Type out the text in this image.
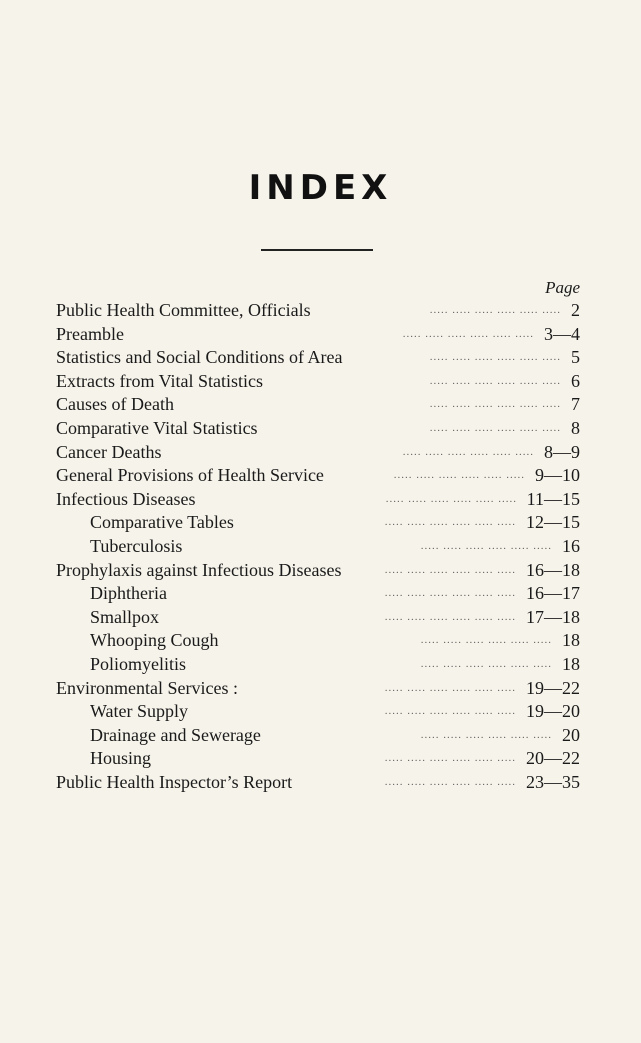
INDEX
Page
Public Health Committee, Officials	..... ..... ..... ..... ..... ..... 2
Preamble	..... ..... ..... ..... ..... ..... 3—4
Statistics and Social Conditions of Area	..... ..... ..... ..... ..... ..... 5
Extracts from Vital Statistics	..... ..... ..... ..... ..... ..... 6
Causes of Death	..... ..... ..... ..... ..... ..... 7
Comparative Vital Statistics	..... ..... ..... ..... ..... ..... 8
Cancer Deaths	..... ..... ..... ..... ..... ..... 8—9
General Provisions of Health Service	..... ..... ..... ..... ..... ..... 9—10
Infectious Diseases	..... ..... ..... ..... ..... ..... 11—15
Comparative Tables	..... ..... ..... ..... ..... ..... 12—15
Tuberculosis	..... ..... ..... ..... ..... ..... 16
Prophylaxis against Infectious Diseases	..... ..... ..... ..... ..... ..... 16—18
Diphtheria	..... ..... ..... ..... ..... ..... 16—17
Smallpox	..... ..... ..... ..... ..... ..... 17—18
Whooping Cough	..... ..... ..... ..... ..... ..... 18
Poliomyelitis	..... ..... ..... ..... ..... ..... 18
Environmental Services :	..... ..... ..... ..... ..... ..... 19—22
Water Supply	..... ..... ..... ..... ..... ..... 19—20
Drainage and Sewerage	..... ..... ..... ..... ..... ..... 20
Housing	..... ..... ..... ..... ..... ..... 20—22
Public Health Inspector’s Report	..... ..... ..... ..... ..... ..... 23—35
